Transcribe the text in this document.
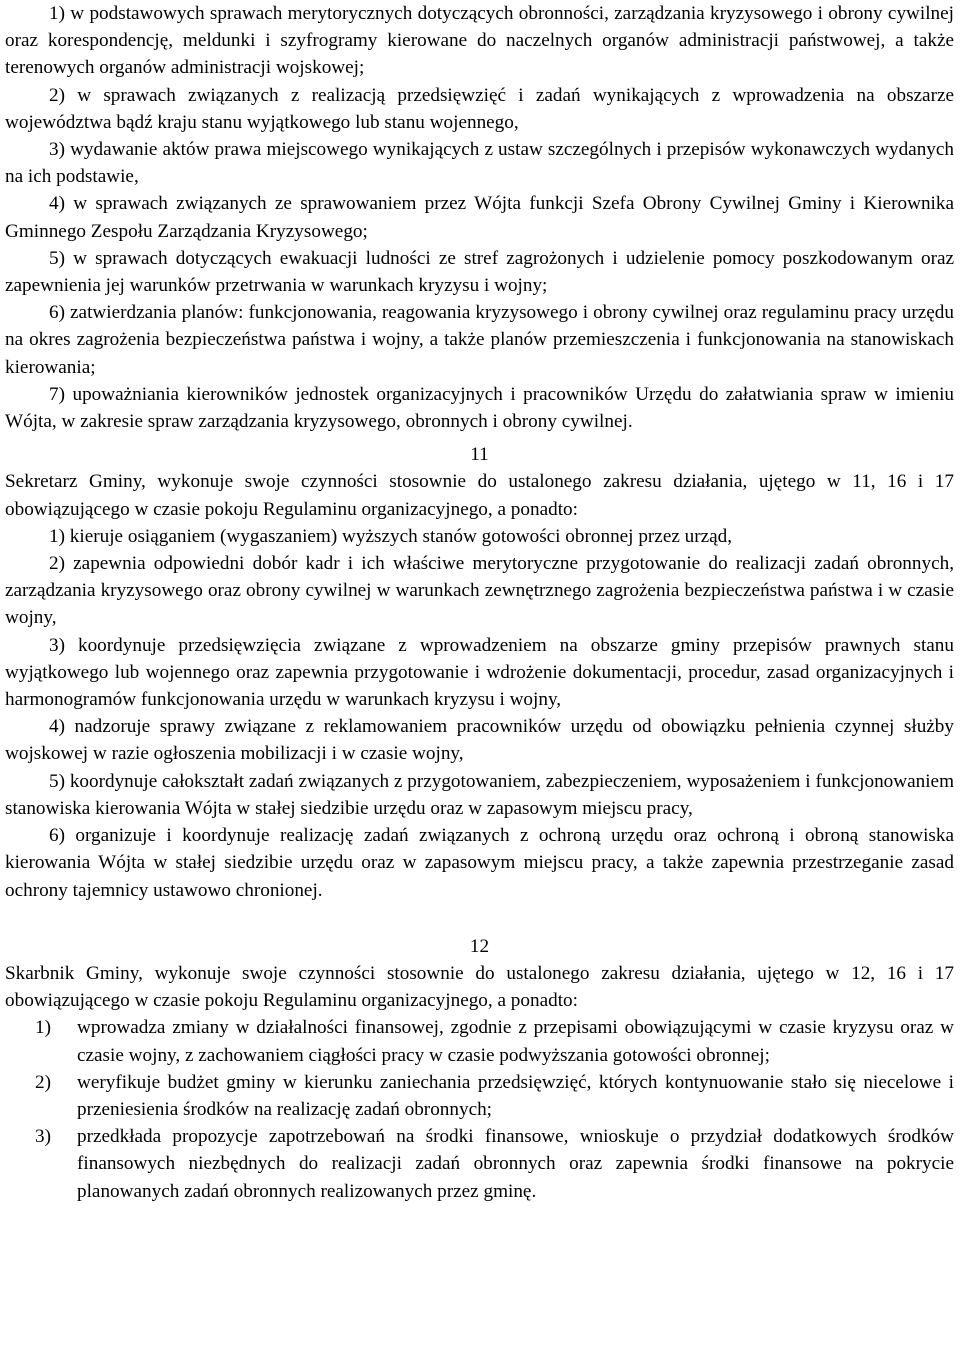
1) w podstawowych sprawach merytorycznych dotyczących obronności, zarządzania kryzysowego i obrony cywilnej oraz korespondencję, meldunki i szyfrogramy kierowane do naczelnych organów administracji państwowej, a także terenowych organów administracji wojskowej;

2) w sprawach związanych z realizacją przedsięwzięć i zadań wynikających z wprowadzenia na obszarze województwa bądź kraju stanu wyjątkowego lub stanu wojennego,

3) wydawanie aktów prawa miejscowego wynikających z ustaw szczególnych i przepisów wykonawczych wydanych na ich podstawie,

4) w sprawach związanych ze sprawowaniem przez Wójta funkcji Szefa Obrony Cywilnej Gminy i Kierownika Gminnego Zespołu Zarządzania Kryzysowego;

5) w sprawach dotyczących ewakuacji ludności ze stref zagrożonych i udzielenie pomocy poszkodowanym oraz zapewnienia jej warunków przetrwania w warunkach kryzysu i wojny;

6) zatwierdzania planów: funkcjonowania, reagowania kryzysowego i obrony cywilnej oraz regulaminu pracy urzędu na okres zagrożenia bezpieczeństwa państwa i wojny, a także planów przemieszczenia i funkcjonowania na stanowiskach kierowania;

7) upoważniania kierowników jednostek organizacyjnych i pracowników Urzędu do załatwiania spraw w imieniu Wójta, w zakresie spraw zarządzania kryzysowego, obronnych i obrony cywilnej.

11

Sekretarz Gminy, wykonuje swoje czynności stosownie do ustalonego zakresu działania, ujętego w 11, 16 i 17 obowiązującego w czasie pokoju Regulaminu organizacyjnego, a ponadto:

1) kieruje osiąganiem (wygaszaniem) wyższych stanów gotowości obronnej przez urząd,

2) zapewnia odpowiedni dobór kadr i ich właściwe merytoryczne przygotowanie do realizacji zadań obronnych, zarządzania kryzysowego oraz obrony cywilnej w warunkach zewnętrznego zagrożenia bezpieczeństwa państwa i w czasie wojny,

3) koordynuje przedsięwzięcia związane z wprowadzeniem na obszarze gminy przepisów prawnych stanu wyjątkowego lub wojennego oraz zapewnia przygotowanie i wdrożenie dokumentacji, procedur, zasad organizacyjnych i harmonogramów funkcjonowania urzędu w warunkach kryzysu i wojny,

4) nadzoruje sprawy związane z reklamowaniem pracowników urzędu od obowiązku pełnienia czynnej służby wojskowej w razie ogłoszenia mobilizacji i w czasie wojny,

5) koordynuje całokształt zadań związanych z przygotowaniem, zabezpieczeniem, wyposażeniem i funkcjonowaniem stanowiska kierowania Wójta w stałej siedzibie urzędu oraz w zapasowym miejscu pracy,

6) organizuje i koordynuje realizację zadań związanych z ochroną urzędu oraz ochroną i obroną stanowiska kierowania Wójta w stałej siedzibie urzędu oraz w zapasowym miejscu pracy, a także zapewnia przestrzeganie zasad ochrony tajemnicy ustawowo chronionej.

12

Skarbnik Gminy, wykonuje swoje czynności stosownie do ustalonego zakresu działania, ujętego w 12, 16 i 17 obowiązującego w czasie pokoju Regulaminu organizacyjnego, a ponadto:

1) wprowadza zmiany w działalności finansowej, zgodnie z przepisami obowiązującymi w czasie kryzysu oraz w czasie wojny, z zachowaniem ciągłości pracy w czasie podwyższania gotowości obronnej;
2) weryfikuje budżet gminy w kierunku zaniechania przedsięwzięć, których kontynuowanie stało się niecelowe i przeniesienia środków na realizację zadań obronnych;
3) przedkłada propozycje zapotrzebowań na środki finansowe, wnioskuje o przydział dodatkowych środków finansowych niezbędnych do realizacji zadań obronnych oraz zapewnia środki finansowe na pokrycie planowanych zadań obronnych realizowanych przez gminę.
